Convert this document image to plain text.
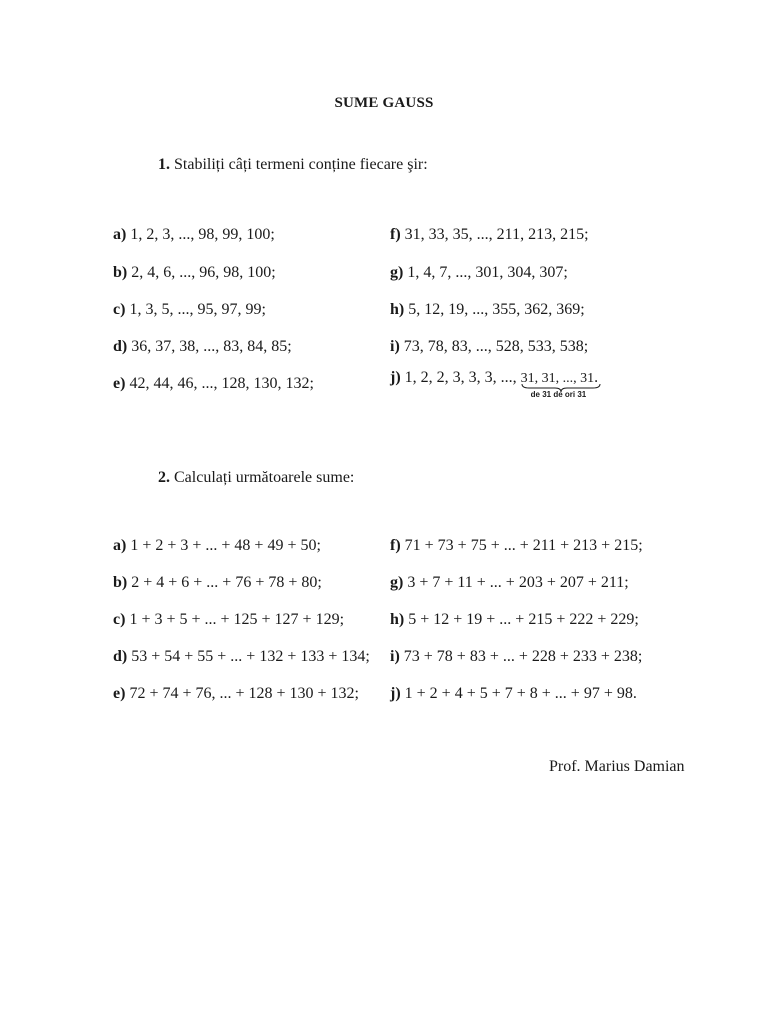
SUME GAUSS
1. Stabiliți câți termeni conține fiecare şir:
a) 1, 2, 3, ..., 98, 99, 100;
b) 2, 4, 6, ..., 96, 98, 100;
c) 1, 3, 5, ..., 95, 97, 99;
d) 36, 37, 38, ..., 83, 84, 85;
e) 42, 44, 46, ..., 128, 130, 132;
f) 31, 33, 35, ..., 211, 213, 215;
g) 1, 4, 7, ..., 301, 304, 307;
h) 5, 12, 19, ..., 355, 362, 369;
i) 73, 78, 83, ..., 528, 533, 538;
j) 1, 2, 2, 3, 3, 3, ..., 31, 31, ..., 31
de 31 de ori 31
.
2. Calculați următoarele sume:
a) 1 + 2 + 3 + ... + 48 + 49 + 50;
b) 2 + 4 + 6 + ... + 76 + 78 + 80;
c) 1 + 3 + 5 + ... + 125 + 127 + 129;
d) 53 + 54 + 55 + ... + 132 + 133 + 134;
e) 72 + 74 + 76, ... + 128 + 130 + 132;
f) 71 + 73 + 75 + ... + 211 + 213 + 215;
g) 3 + 7 + 11 + ... + 203 + 207 + 211;
h) 5 + 12 + 19 + ... + 215 + 222 + 229;
i) 73 + 78 + 83 + ... + 228 + 233 + 238;
j) 1 + 2 + 4 + 5 + 7 + 8 + ... + 97 + 98.
Prof. Marius Damian
